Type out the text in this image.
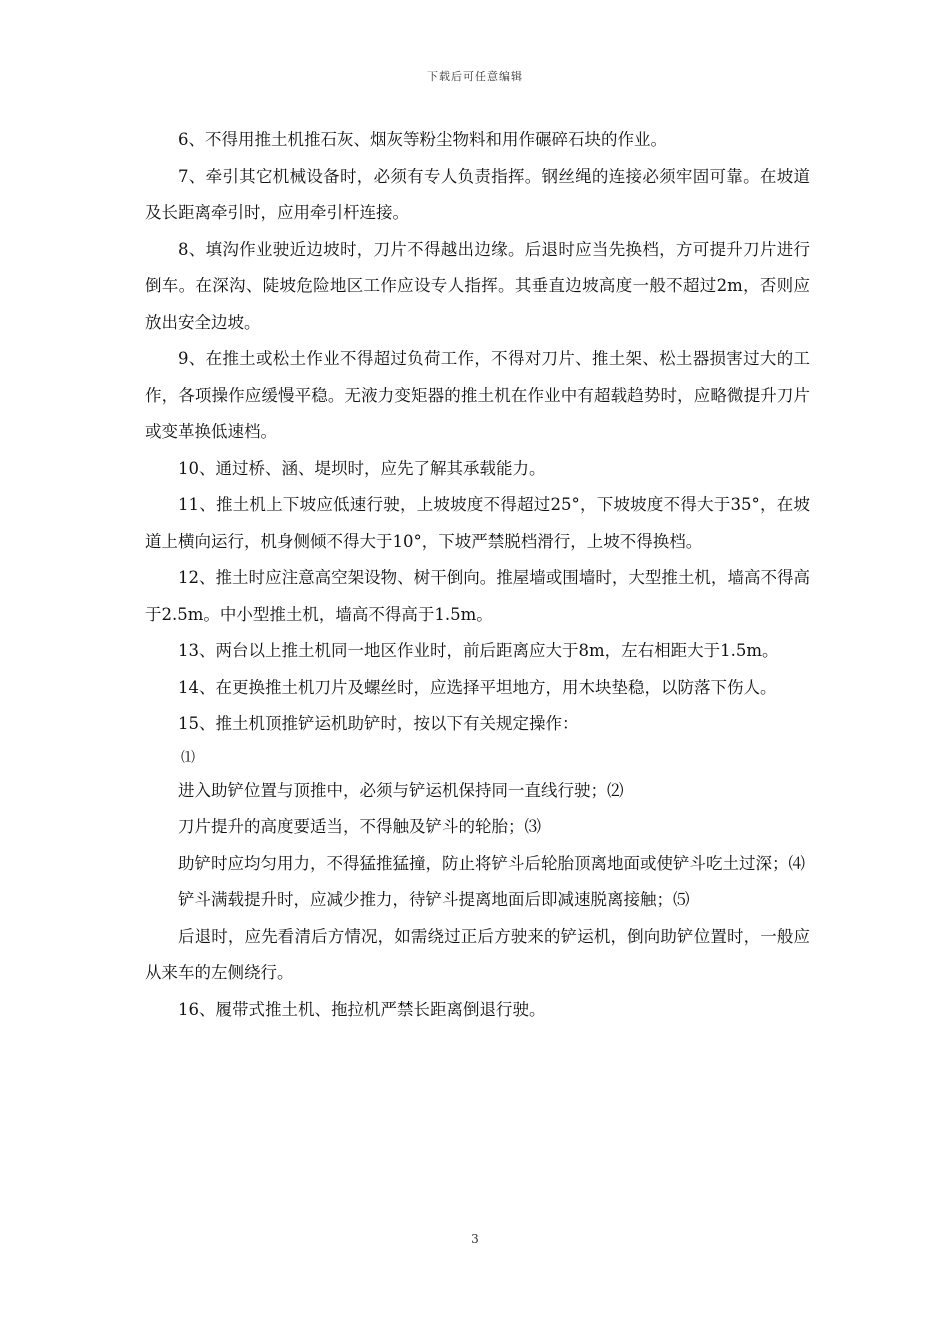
下载后可任意编辑

6、不得用推土机推石灰、烟灰等粉尘物料和用作碾碎石块的作业。

7、牵引其它机械设备时，必须有专人负责指挥。钢丝绳的连接必须牢固可靠。在坡道及长距离牵引时，应用牵引杆连接。

8、填沟作业驶近边坡时，刀片不得越出边缘。后退时应当先换档，方可提升刀片进行倒车。在深沟、陡坡危险地区工作应设专人指挥。其垂直边坡高度一般不超过2m，否则应放出安全边坡。

9、在推土或松土作业不得超过负荷工作，不得对刀片、推土架、松土器损害过大的工作，各项操作应缓慢平稳。无液力变矩器的推土机在作业中有超载趋势时，应略微提升刀片或变革换低速档。

10、通过桥、涵、堤坝时，应先了解其承载能力。

11、推土机上下坡应低速行驶，上坡坡度不得超过25°，下坡坡度不得大于35°，在坡道上横向运行，机身侧倾不得大于10°，下坡严禁脱档滑行，上坡不得换档。

12、推土时应注意高空架设物、树干倒向。推屋墙或围墙时，大型推土机，墙高不得高于2.5m。中小型推土机，墙高不得高于1.5m。

13、两台以上推土机同一地区作业时，前后距离应大于8m，左右相距大于1.5m。

14、在更换推土机刀片及螺丝时，应选择平坦地方，用木块垫稳，以防落下伤人。

15、推土机顶推铲运机助铲时，按以下有关规定操作：

⑴

进入助铲位置与顶推中，必须与铲运机保持同一直线行驶；⑵

刀片提升的高度要适当，不得触及铲斗的轮胎；⑶

助铲时应均匀用力，不得猛推猛撞，防止将铲斗后轮胎顶离地面或使铲斗吃土过深；⑷

铲斗满载提升时，应减少推力，待铲斗提离地面后即减速脱离接触；⑸

后退时，应先看清后方情况，如需绕过正后方驶来的铲运机，倒向助铲位置时，一般应从来车的左侧绕行。

16、履带式推土机、拖拉机严禁长距离倒退行驶。

3
